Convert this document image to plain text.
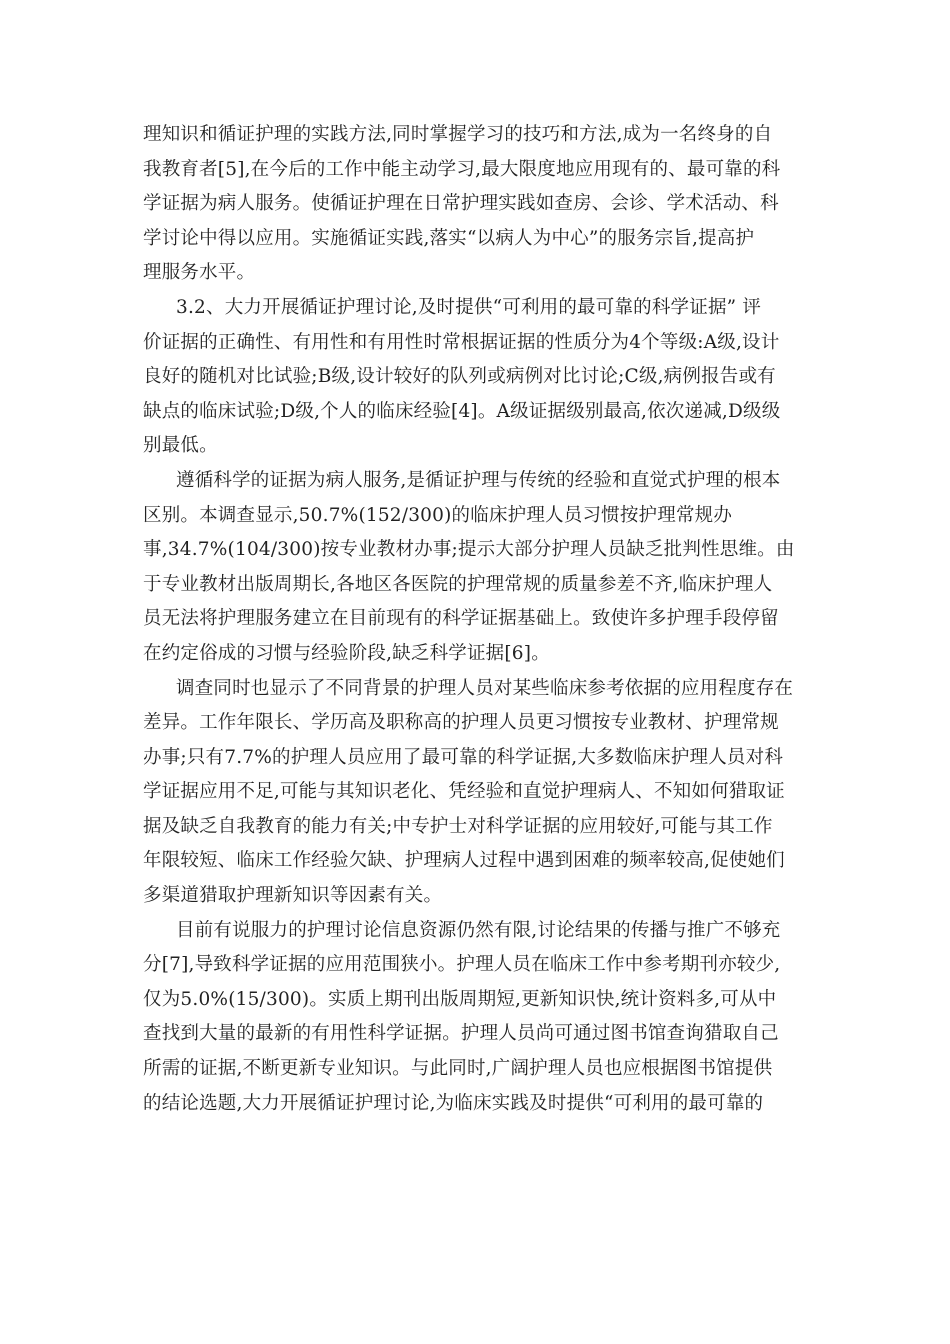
理知识和循证护理的实践方法,同时掌握学习的技巧和方法,成为一名终身的自
我教育者[5],在今后的工作中能主动学习,最大限度地应用现有的、最可靠的科
学证据为病人服务。使循证护理在日常护理实践如查房、会诊、学术活动、科
学讨论中得以应用。实施循证实践,落实“以病人为中心”的服务宗旨,提高护
理服务水平。
3.2、大力开展循证护理讨论,及时提供“可利用的最可靠的科学证据” 评
价证据的正确性、有用性和有用性时常根据证据的性质分为4个等级:A级,设计
良好的随机对比试验;B级,设计较好的队列或病例对比讨论;C级,病例报告或有
缺点的临床试验;D级,个人的临床经验[4]。A级证据级别最高,依次递减,D级级
别最低。
遵循科学的证据为病人服务,是循证护理与传统的经验和直觉式护理的根本
区别。本调查显示,50.7%(152/300)的临床护理人员习惯按护理常规办
事,34.7%(104/300)按专业教材办事;提示大部分护理人员缺乏批判性思维。由
于专业教材出版周期长,各地区各医院的护理常规的质量参差不齐,临床护理人
员无法将护理服务建立在目前现有的科学证据基础上。致使许多护理手段停留
在约定俗成的习惯与经验阶段,缺乏科学证据[6]。
调查同时也显示了不同背景的护理人员对某些临床参考依据的应用程度存在
差异。工作年限长、学历高及职称高的护理人员更习惯按专业教材、护理常规
办事;只有7.7%的护理人员应用了最可靠的科学证据,大多数临床护理人员对科
学证据应用不足,可能与其知识老化、凭经验和直觉护理病人、不知如何猎取证
据及缺乏自我教育的能力有关;中专护士对科学证据的应用较好,可能与其工作
年限较短、临床工作经验欠缺、护理病人过程中遇到困难的频率较高,促使她们
多渠道猎取护理新知识等因素有关。
目前有说服力的护理讨论信息资源仍然有限,讨论结果的传播与推广不够充
分[7],导致科学证据的应用范围狭小。护理人员在临床工作中参考期刊亦较少,
仅为5.0%(15/300)。实质上期刊出版周期短,更新知识快,统计资料多,可从中
查找到大量的最新的有用性科学证据。护理人员尚可通过图书馆查询猎取自己
所需的证据,不断更新专业知识。与此同时,广阔护理人员也应根据图书馆提供
的结论选题,大力开展循证护理讨论,为临床实践及时提供“可利用的最可靠的
